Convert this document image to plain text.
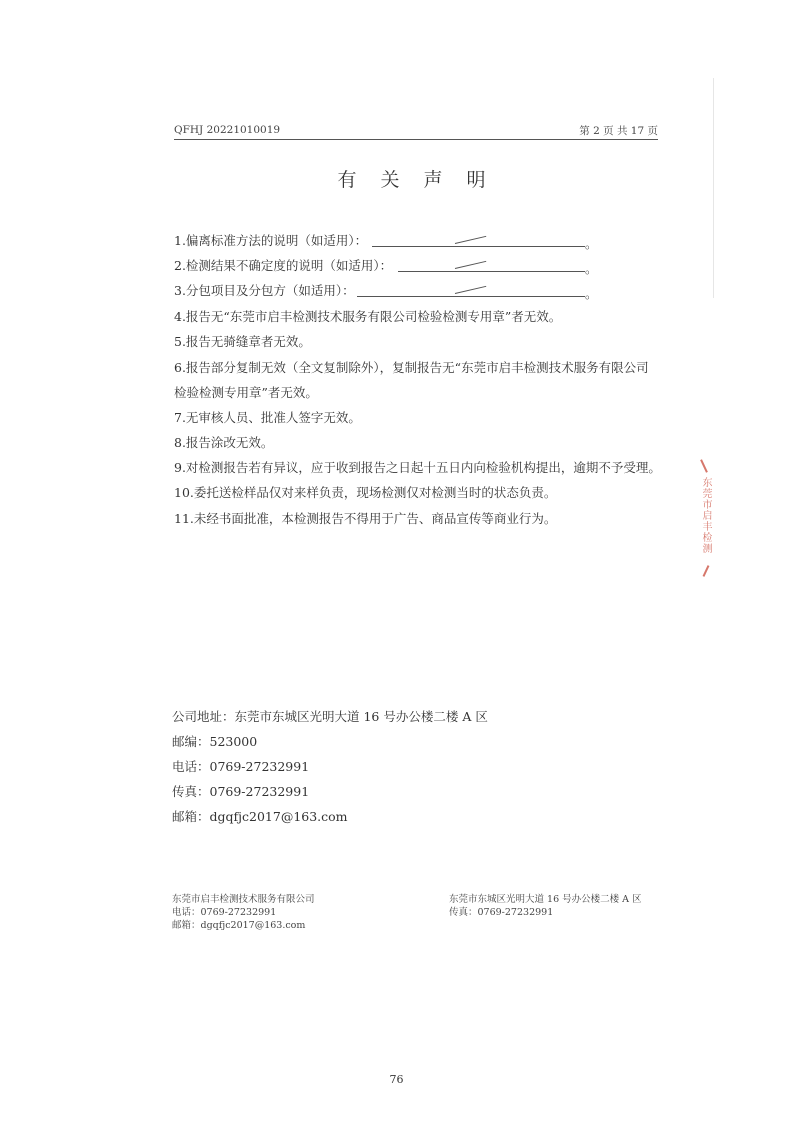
QFHJ 20221010019	第 2 页 共 17 页
有 关 声 明
1.偏离标准方法的说明（如适用）：	。
2.检测结果不确定度的说明（如适用）：	。
3.分包项目及分包方（如适用）：	。
4.报告无“东莞市启丰检测技术服务有限公司检验检测专用章”者无效。
5.报告无骑缝章者无效。
6.报告部分复制无效（全文复制除外），复制报告无“东莞市启丰检测技术服务有限公司
检验检测专用章”者无效。
7.无审核人员、批准人签字无效。
8.报告涂改无效。
9.对检测报告若有异议，应于收到报告之日起十五日内向检验机构提出，逾期不予受理。
10.委托送检样品仅对来样负责，现场检测仅对检测当时的状态负责。
11.未经书面批准，本检测报告不得用于广告、商品宣传等商业行为。	东莞市启丰检测
公司地址：东莞市东城区光明大道 16 号办公楼二楼 A 区
邮编：523000
电话：0769-27232991
传真：0769-27232991
邮箱：dgqfjc2017@163.com
东莞市启丰检测技术服务有限公司
电话：0769-27232991
邮箱：dgqfjc2017@163.com
东莞市东城区光明大道 16 号办公楼二楼 A 区
传真：0769-27232991
76
